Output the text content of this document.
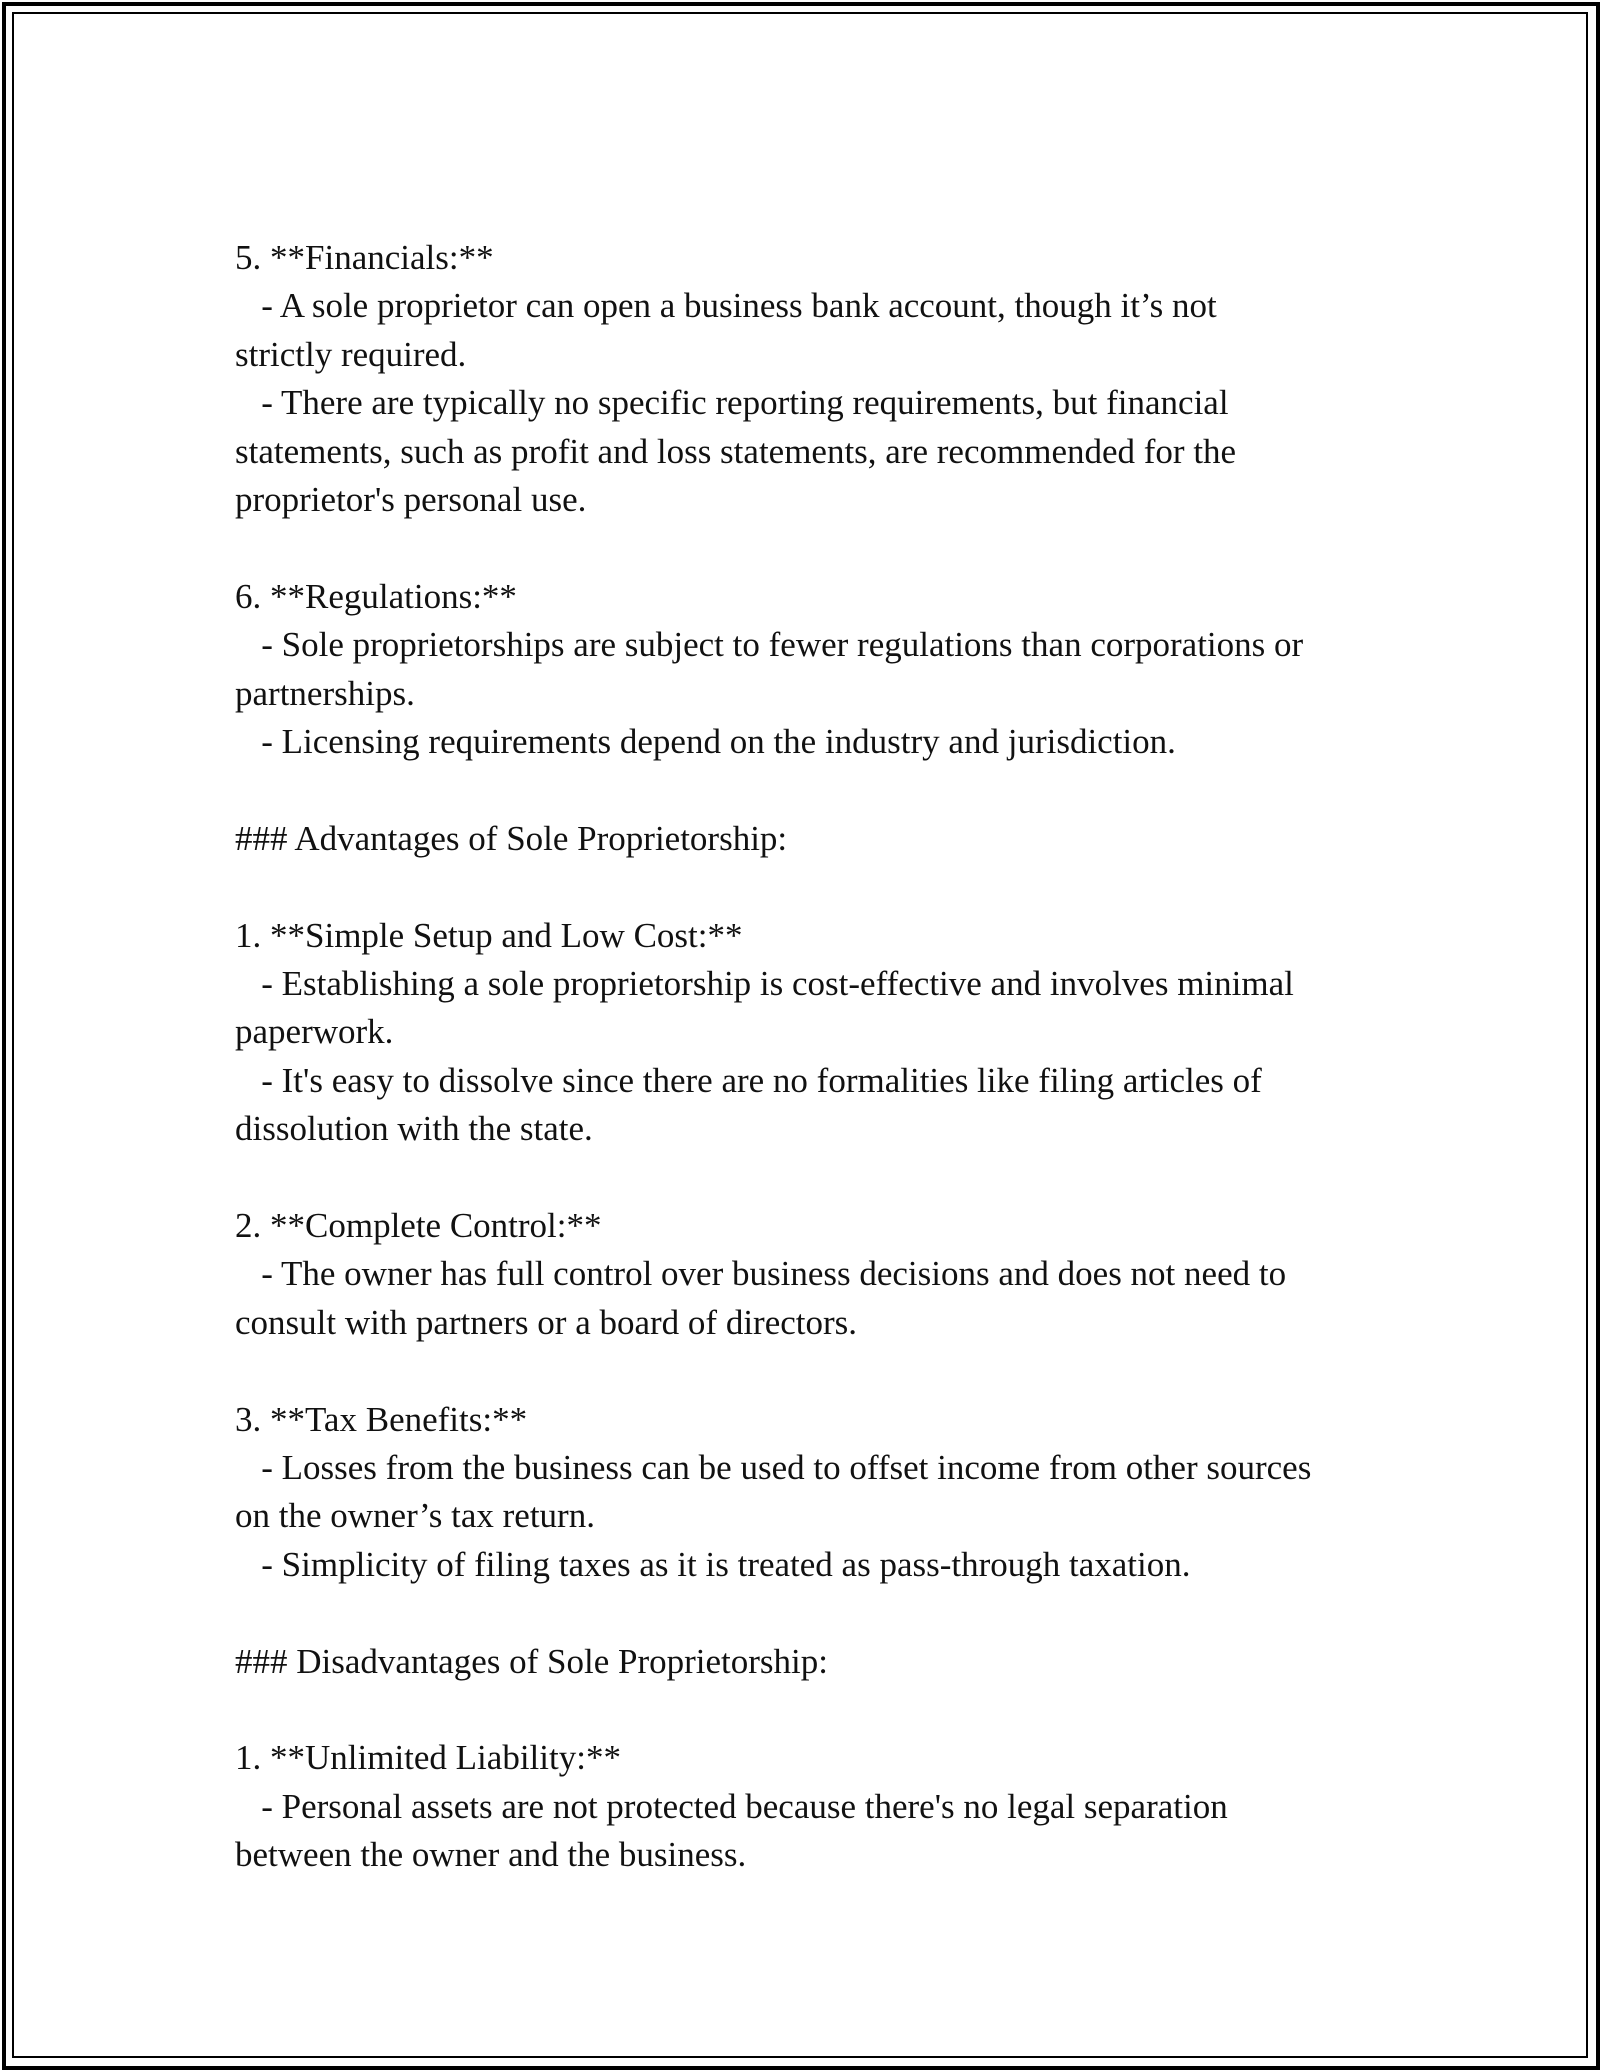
5. **Financials:**
- A sole proprietor can open a business bank account, though it’s not
strictly required.
- There are typically no specific reporting requirements, but financial
statements, such as profit and loss statements, are recommended for the
proprietor's personal use.
6. **Regulations:**
- Sole proprietorships are subject to fewer regulations than corporations or
partnerships.
- Licensing requirements depend on the industry and jurisdiction.
### Advantages of Sole Proprietorship:
1. **Simple Setup and Low Cost:**
- Establishing a sole proprietorship is cost-effective and involves minimal
paperwork.
- It's easy to dissolve since there are no formalities like filing articles of
dissolution with the state.
2. **Complete Control:**
- The owner has full control over business decisions and does not need to
consult with partners or a board of directors.
3. **Tax Benefits:**
- Losses from the business can be used to offset income from other sources
on the owner’s tax return.
- Simplicity of filing taxes as it is treated as pass-through taxation.
### Disadvantages of Sole Proprietorship:
1. **Unlimited Liability:**
- Personal assets are not protected because there's no legal separation
between the owner and the business.
